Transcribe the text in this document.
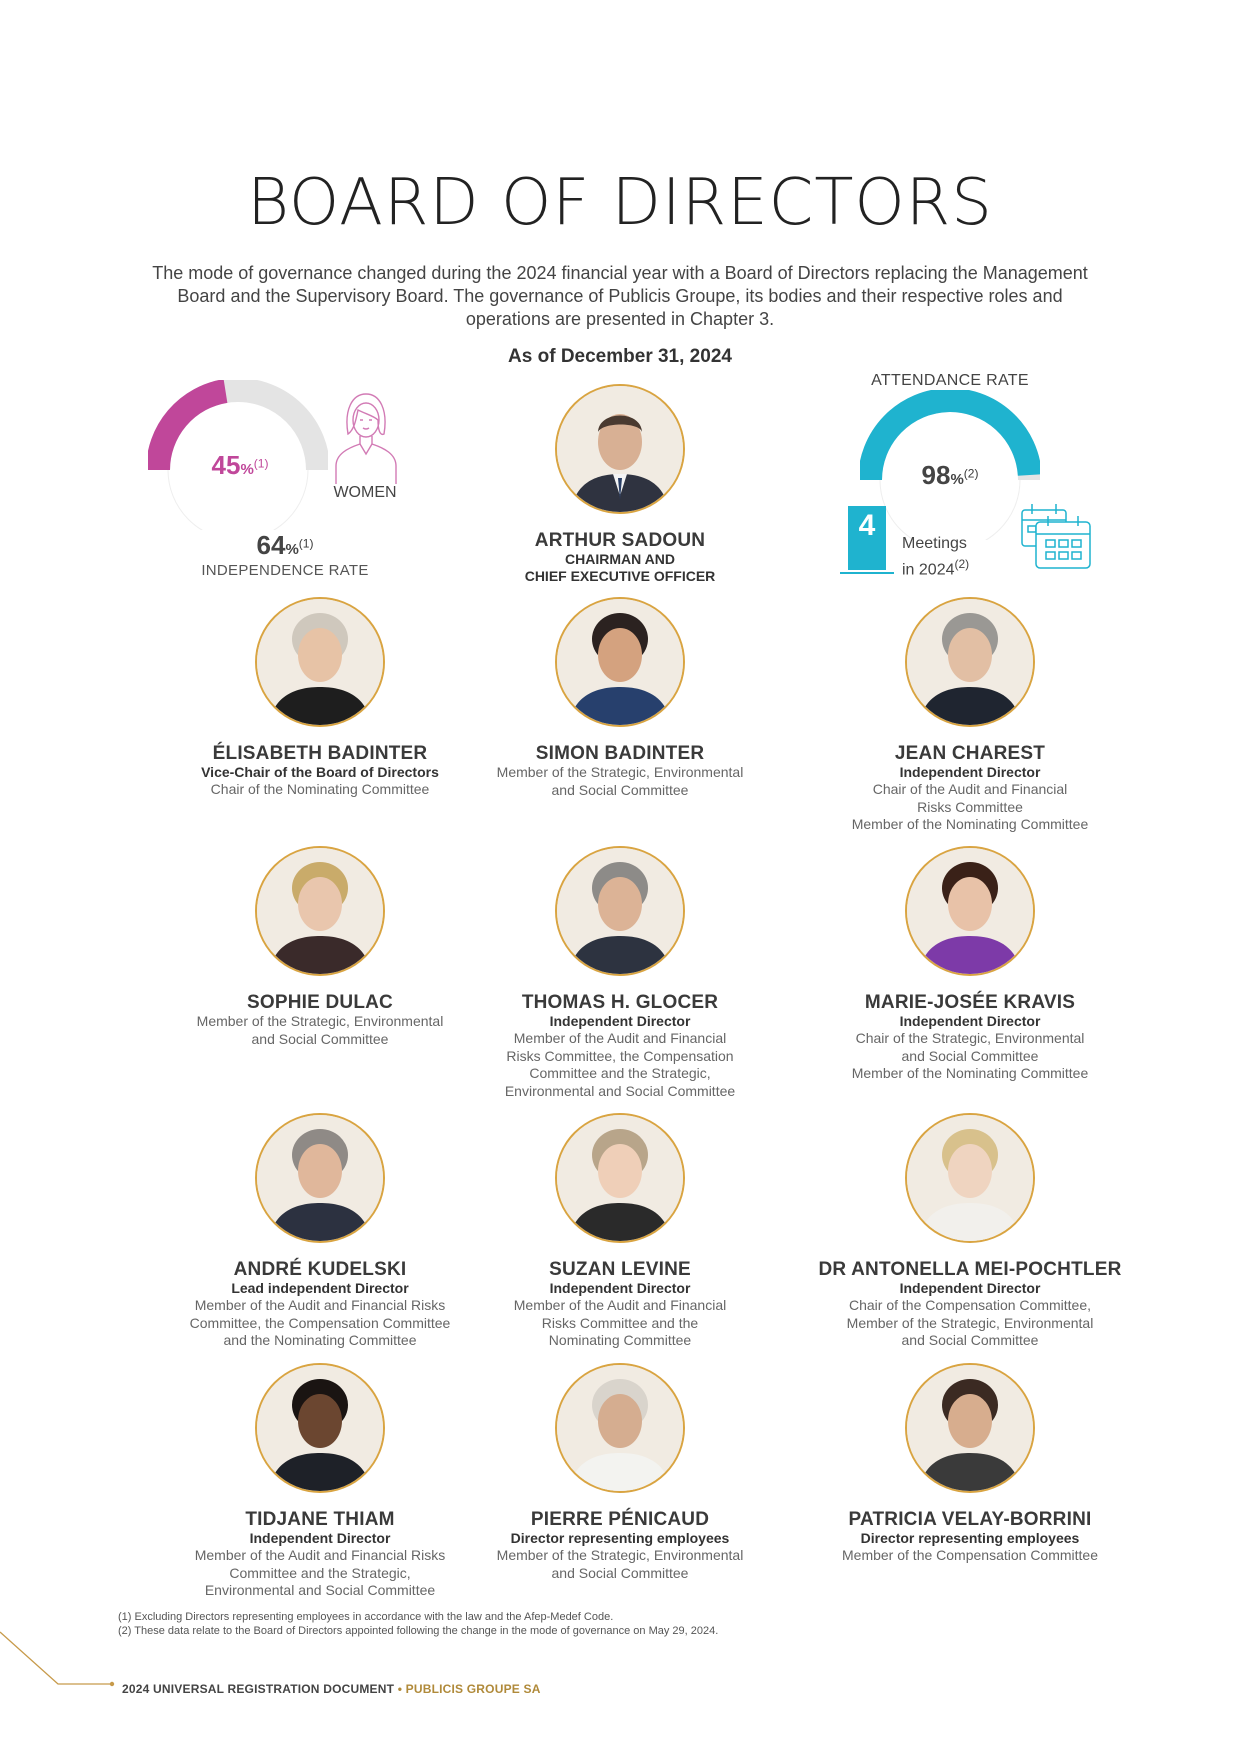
BOARD OF DIRECTORS
The mode of governance changed during the 2024 financial year with a Board of Directors replacing the Management Board and the Supervisory Board. The governance of Publicis Groupe, its bodies and their respective roles and operations are presented in Chapter 3.
As of December 31, 2024
45%$^{(1)}$
WOMEN
64%$^{(1)}$
INDEPENDENCE RATE
ARTHUR SADOUN
CHAIRMAN AND
CHIEF EXECUTIVE OFFICER
ATTENDANCE RATE
98%$^{(2)}$
4
Meetings
in 2024$^{(2)}$
ÉLISABETH BADINTER
Vice-Chair of the Board of Directors
Chair of the Nominating Committee
SIMON BADINTER
Member of the Strategic, Environmental
and Social Committee
JEAN CHAREST
Independent Director
Chair of the Audit and Financial
Risks Committee
Member of the Nominating Committee
SOPHIE DULAC
Member of the Strategic, Environmental
and Social Committee
THOMAS H. GLOCER
Independent Director
Member of the Audit and Financial
Risks Committee, the Compensation
Committee and the Strategic,
Environmental and Social Committee
MARIE-JOSÉE KRAVIS
Independent Director
Chair of the Strategic, Environmental
and Social Committee
Member of the Nominating Committee
ANDRÉ KUDELSKI
Lead independent Director
Member of the Audit and Financial Risks
Committee, the Compensation Committee
and the Nominating Committee
SUZAN LEVINE
Independent Director
Member of the Audit and Financial
Risks Committee and the
Nominating Committee
DR ANTONELLA MEI-POCHTLER
Independent Director
Chair of the Compensation Committee,
Member of the Strategic, Environmental
and Social Committee
TIDJANE THIAM
Independent Director
Member of the Audit and Financial Risks
Committee and the Strategic,
Environmental and Social Committee
PIERRE PÉNICAUD
Director representing employees
Member of the Strategic, Environmental
and Social Committee
PATRICIA VELAY-BORRINI
Director representing employees
Member of the Compensation Committee
(1) Excluding Directors representing employees in accordance with the law and the Afep-Medef Code.
(2) These data relate to the Board of Directors appointed following the change in the mode of governance on May 29, 2024.
2024 UNIVERSAL REGISTRATION DOCUMENT • PUBLICIS GROUPE SA
